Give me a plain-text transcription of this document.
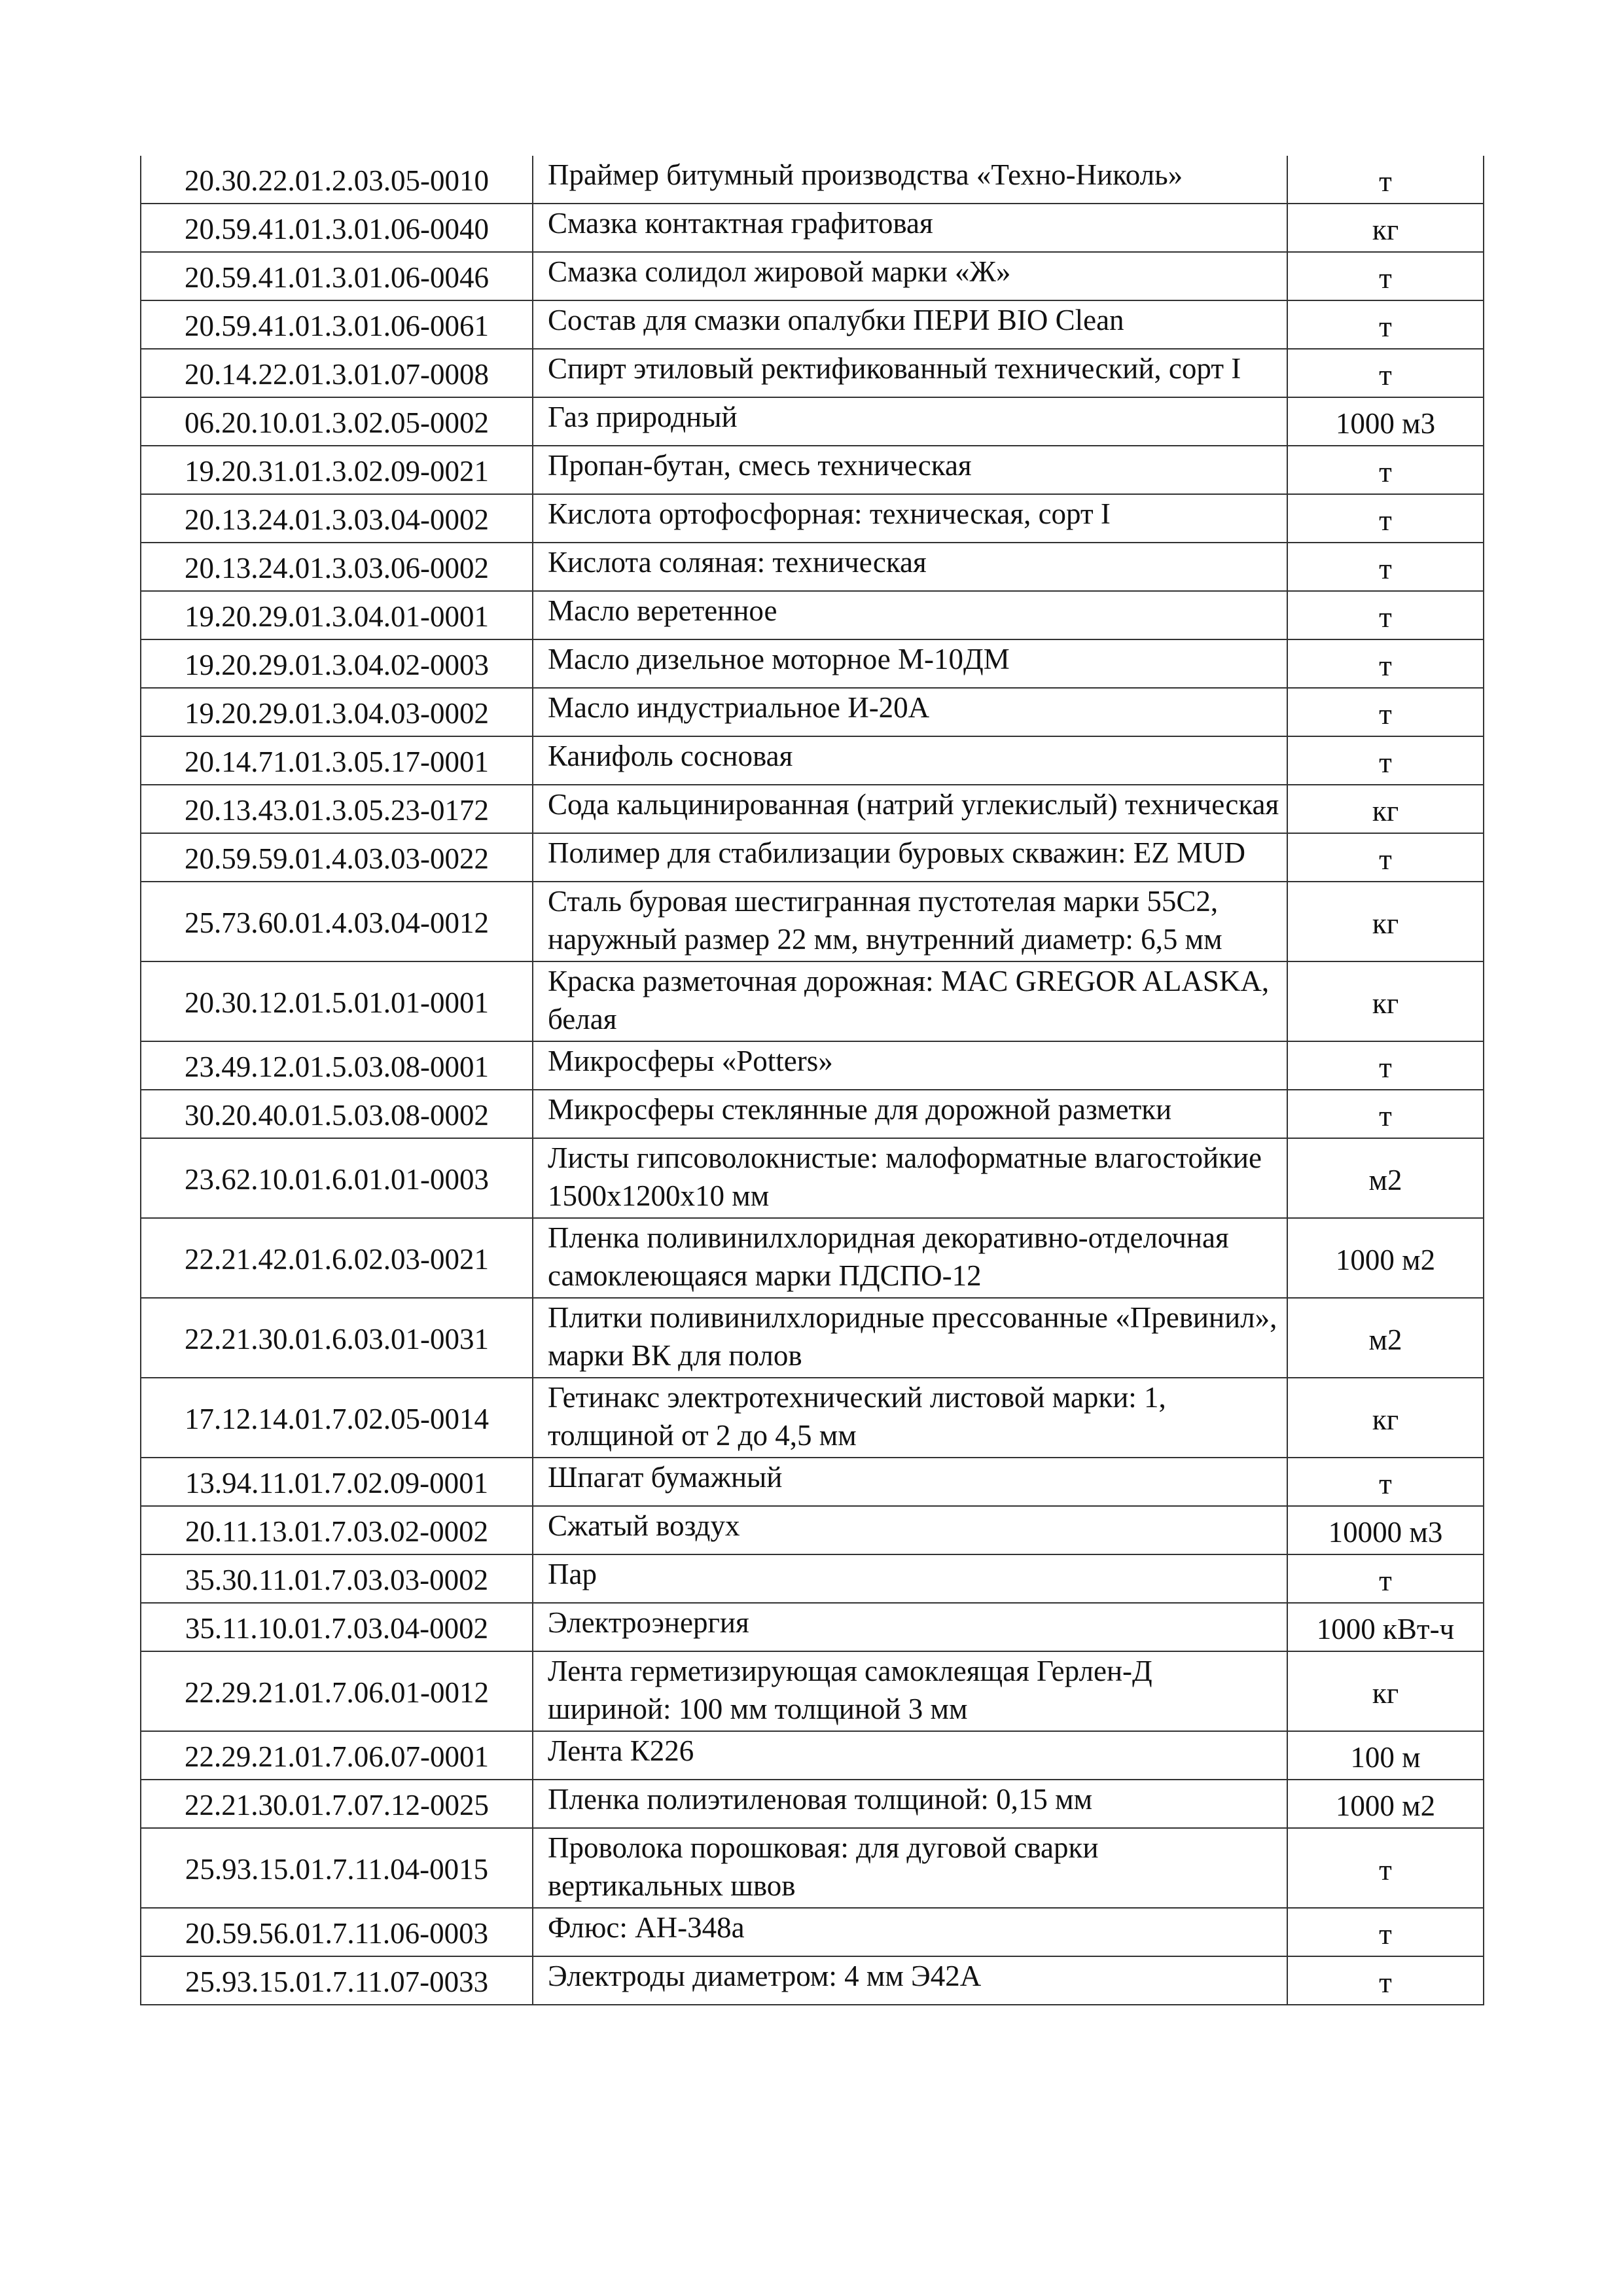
20.30.22.01.2.03.05-0010	Праймер битумный производства «Техно-Николь»	т
20.59.41.01.3.01.06-0040	Смазка контактная графитовая	кг
20.59.41.01.3.01.06-0046	Смазка солидол жировой марки «Ж»	т
20.59.41.01.3.01.06-0061	Состав для смазки опалубки ПЕРИ BIO Clean	т
20.14.22.01.3.01.07-0008	Спирт этиловый ректификованный технический, сорт I	т
06.20.10.01.3.02.05-0002	Газ природный	1000 м3
19.20.31.01.3.02.09-0021	Пропан-бутан, смесь техническая	т
20.13.24.01.3.03.04-0002	Кислота ортофосфорная: техническая, сорт I	т
20.13.24.01.3.03.06-0002	Кислота соляная: техническая	т
19.20.29.01.3.04.01-0001	Масло веретенное	т
19.20.29.01.3.04.02-0003	Масло дизельное моторное М-10ДМ	т
19.20.29.01.3.04.03-0002	Масло индустриальное И-20А	т
20.14.71.01.3.05.17-0001	Канифоль сосновая	т
20.13.43.01.3.05.23-0172	Сода кальцинированная (натрий углекислый) техническая	кг
20.59.59.01.4.03.03-0022	Полимер для стабилизации буровых скважин: EZ MUD	т
25.73.60.01.4.03.04-0012	Сталь буровая шестигранная пустотелая марки 55С2, наружный размер 22 мм, внутренний диаметр: 6,5 мм	кг
20.30.12.01.5.01.01-0001	Краска разметочная дорожная: MAC GREGOR ALASKA, белая	кг
23.49.12.01.5.03.08-0001	Микросферы «Potters»	т
30.20.40.01.5.03.08-0002	Микросферы стеклянные для дорожной разметки	т
23.62.10.01.6.01.01-0003	Листы гипсоволокнистые: малоформатные влагостойкие 1500х1200х10 мм	м2
22.21.42.01.6.02.03-0021	Пленка поливинилхлоридная декоративно-отделочная самоклеющаяся марки ПДСПО-12	1000 м2
22.21.30.01.6.03.01-0031	Плитки поливинилхлоридные прессованные «Превинил», марки ВК для полов	м2
17.12.14.01.7.02.05-0014	Гетинакс электротехнический листовой марки: 1, толщиной от 2 до 4,5 мм	кг
13.94.11.01.7.02.09-0001	Шпагат бумажный	т
20.11.13.01.7.03.02-0002	Сжатый воздух	10000 м3
35.30.11.01.7.03.03-0002	Пар	т
35.11.10.01.7.03.04-0002	Электроэнергия	1000 кВт-ч
22.29.21.01.7.06.01-0012	Лента герметизирующая самоклеящая Герлен-Д шириной: 100 мм толщиной 3 мм	кг
22.29.21.01.7.06.07-0001	Лента К226	100 м
22.21.30.01.7.07.12-0025	Пленка полиэтиленовая толщиной: 0,15 мм	1000 м2
25.93.15.01.7.11.04-0015	Проволока порошковая: для дуговой сварки вертикальных швов	т
20.59.56.01.7.11.06-0003	Флюс: АН-348а	т
25.93.15.01.7.11.07-0033	Электроды диаметром: 4 мм Э42А	т
